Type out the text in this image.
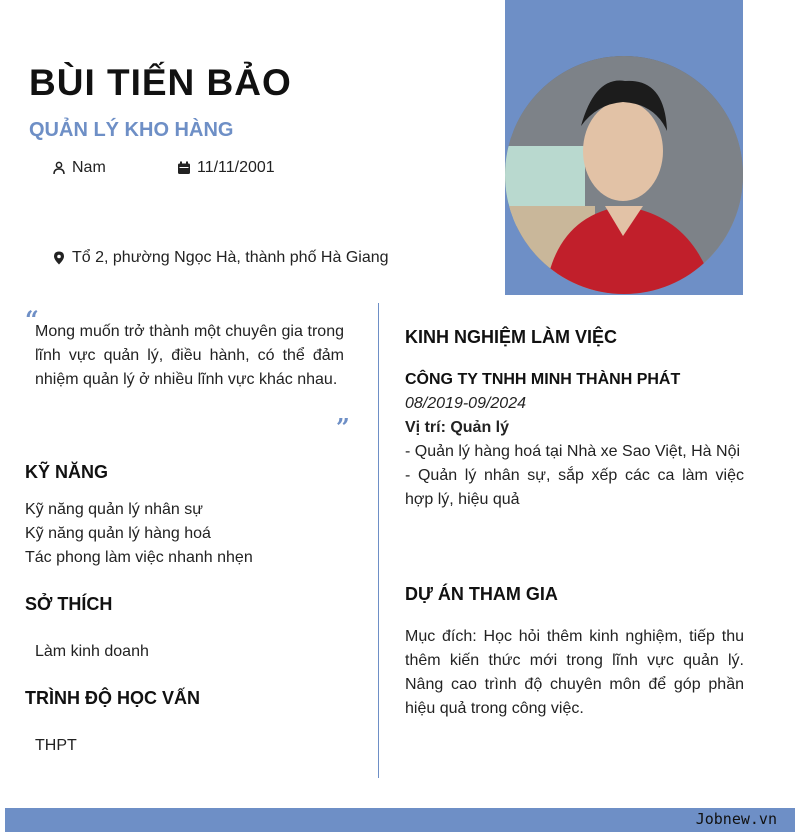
BÙI TIẾN BẢO
QUẢN LÝ KHO HÀNG
Nam	11/11/2001
Tổ 2, phường Ngọc Hà, thành phố Hà Giang
“
Mong muốn trở thành một chuyên gia trong lĩnh vực quản lý, điều hành, có thể đảm nhiệm quản lý ở nhiều lĩnh vực khác nhau.
”
KỸ NĂNG
Kỹ năng quản lý nhân sự
Kỹ năng quản lý hàng hoá
Tác phong làm việc nhanh nhẹn
SỞ THÍCH
Làm kinh doanh
TRÌNH ĐỘ HỌC VẤN
THPT
KINH NGHIỆM LÀM VIỆC
CÔNG TY TNHH MINH THÀNH PHÁT
08/2019-09/2024
Vị trí: Quản lý
- Quản lý hàng hoá tại Nhà xe Sao Việt, Hà Nội
- Quản lý nhân sự, sắp xếp các ca làm việc hợp lý, hiệu quả
DỰ ÁN THAM GIA
Mục đích: Học hỏi thêm kinh nghiệm, tiếp thu thêm kiến thức mới trong lĩnh vực quản lý. Nâng cao trình độ chuyên môn để góp phần hiệu quả trong công việc.
Jobnew.vn
